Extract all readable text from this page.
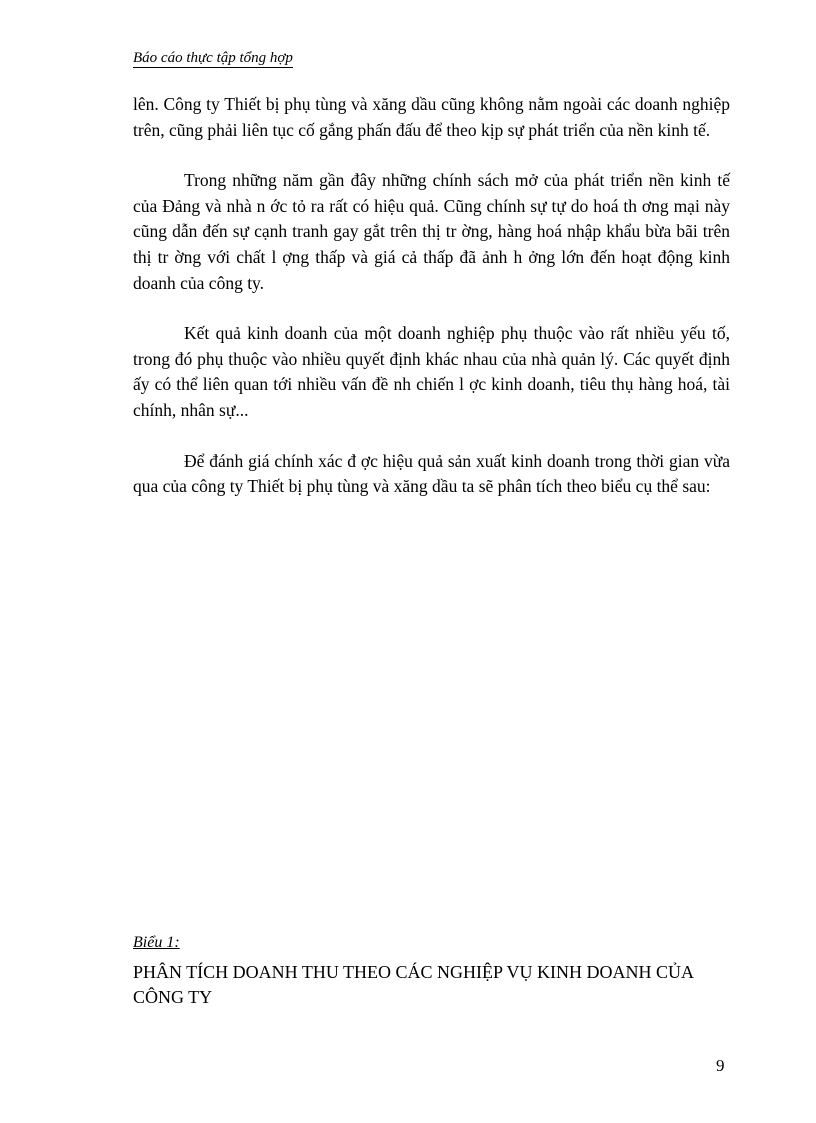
Báo cáo thực tập tổng hợp

lên. Công ty Thiết bị phụ tùng và xăng dầu cũng không nằm ngoài các doanh nghiệp trên, cũng phải liên tục cố gắng phấn đấu để theo kịp sự phát triển của nền kinh tế.

Trong những năm gần đây những chính sách mở của phát triển nền kinh tế của Đảng và nhà n ớc tỏ ra rất có hiệu quả. Cũng chính sự tự do hoá th ơng mại này cũng dẫn đến sự cạnh tranh gay gắt trên thị tr ờng, hàng hoá nhập khẩu bừa bãi trên thị tr ờng với chất l ợng thấp và giá cả thấp đã ảnh h ởng lớn đến hoạt động kinh doanh của công ty.

Kết quả kinh doanh của một doanh nghiệp phụ thuộc vào rất nhiều yếu tố, trong đó phụ thuộc vào nhiều quyết định khác nhau của nhà quản lý. Các quyết định ấy có thể liên quan tới nhiều vấn đề nh chiến l ợc kinh doanh, tiêu thụ hàng hoá, tài chính, nhân sự...

Để đánh giá chính xác đ ợc hiệu quả sản xuất kinh doanh trong thời gian vừa qua của công ty Thiết bị phụ tùng và xăng dầu ta sẽ phân tích theo biểu cụ thể sau:

Biểu 1:
PHÂN TÍCH DOANH THU THEO CÁC NGHIỆP VỤ KINH DOANH CỦA CÔNG TY
9
